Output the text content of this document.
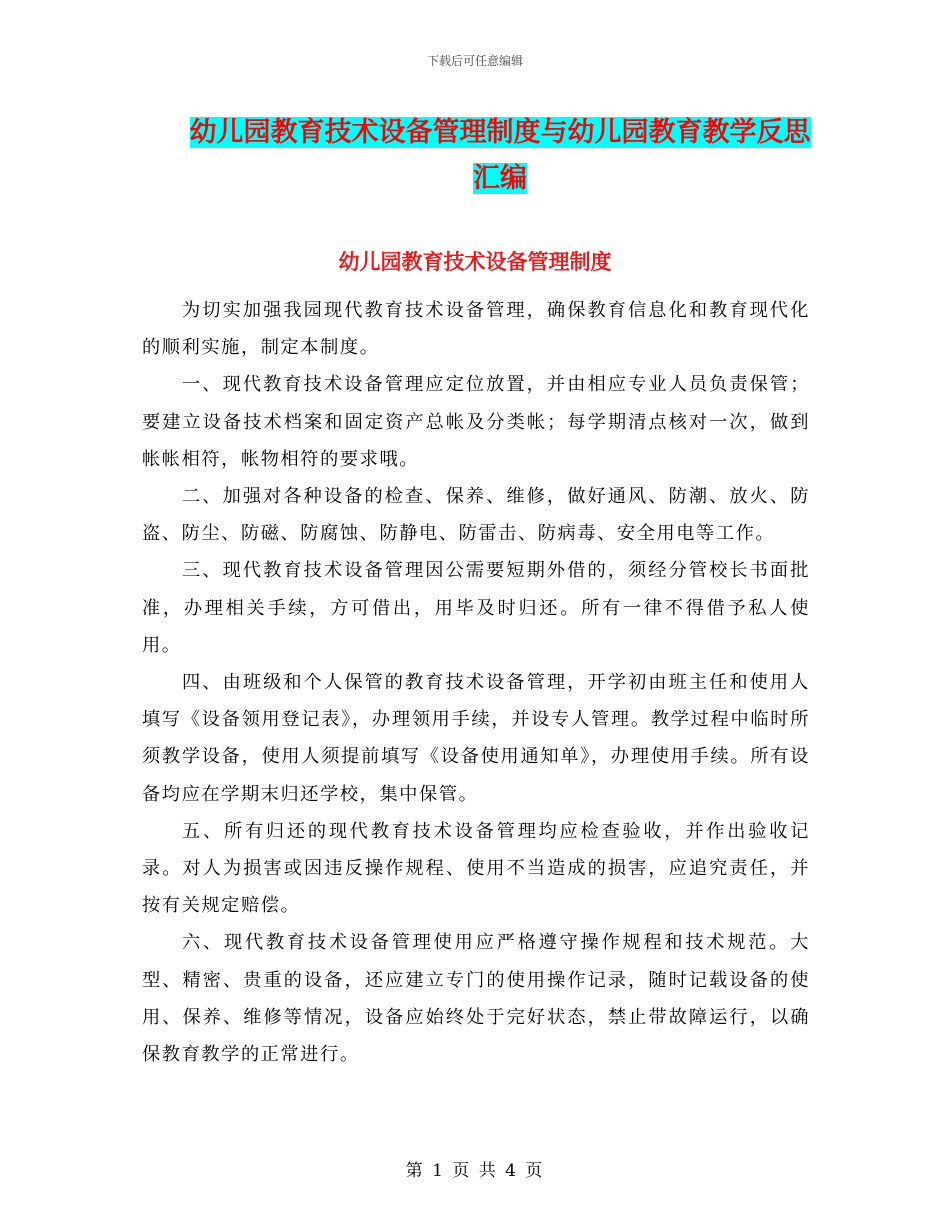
下载后可任意编辑
幼儿园教育技术设备管理制度与幼儿园教育教学反思
汇编
幼儿园教育技术设备管理制度

为切实加强我园现代教育技术设备管理，确保教育信息化和教育现代化的顺利实施，制定本制度。

一、现代教育技术设备管理应定位放置，并由相应专业人员负责保管；要建立设备技术档案和固定资产总帐及分类帐；每学期清点核对一次，做到帐帐相符，帐物相符的要求哦。

二、加强对各种设备的检查、保养、维修，做好通风、防潮、放火、防盗、防尘、防磁、防腐蚀、防静电、防雷击、防病毒、安全用电等工作。

三、现代教育技术设备管理因公需要短期外借的，须经分管校长书面批准，办理相关手续，方可借出，用毕及时归还。所有一律不得借予私人使用。

四、由班级和个人保管的教育技术设备管理，开学初由班主任和使用人填写《设备领用登记表》，办理领用手续，并设专人管理。教学过程中临时所须教学设备，使用人须提前填写《设备使用通知单》，办理使用手续。所有设备均应在学期末归还学校，集中保管。

五、所有归还的现代教育技术设备管理均应检查验收，并作出验收记录。对人为损害或因违反操作规程、使用不当造成的损害，应追究责任，并按有关规定赔偿。

六、现代教育技术设备管理使用应严格遵守操作规程和技术规范。大型、精密、贵重的设备，还应建立专门的使用操作记录，随时记载设备的使用、保养、维修等情况，设备应始终处于完好状态，禁止带故障运行，以确保教育教学的正常进行。

第 1 页 共 4 页
